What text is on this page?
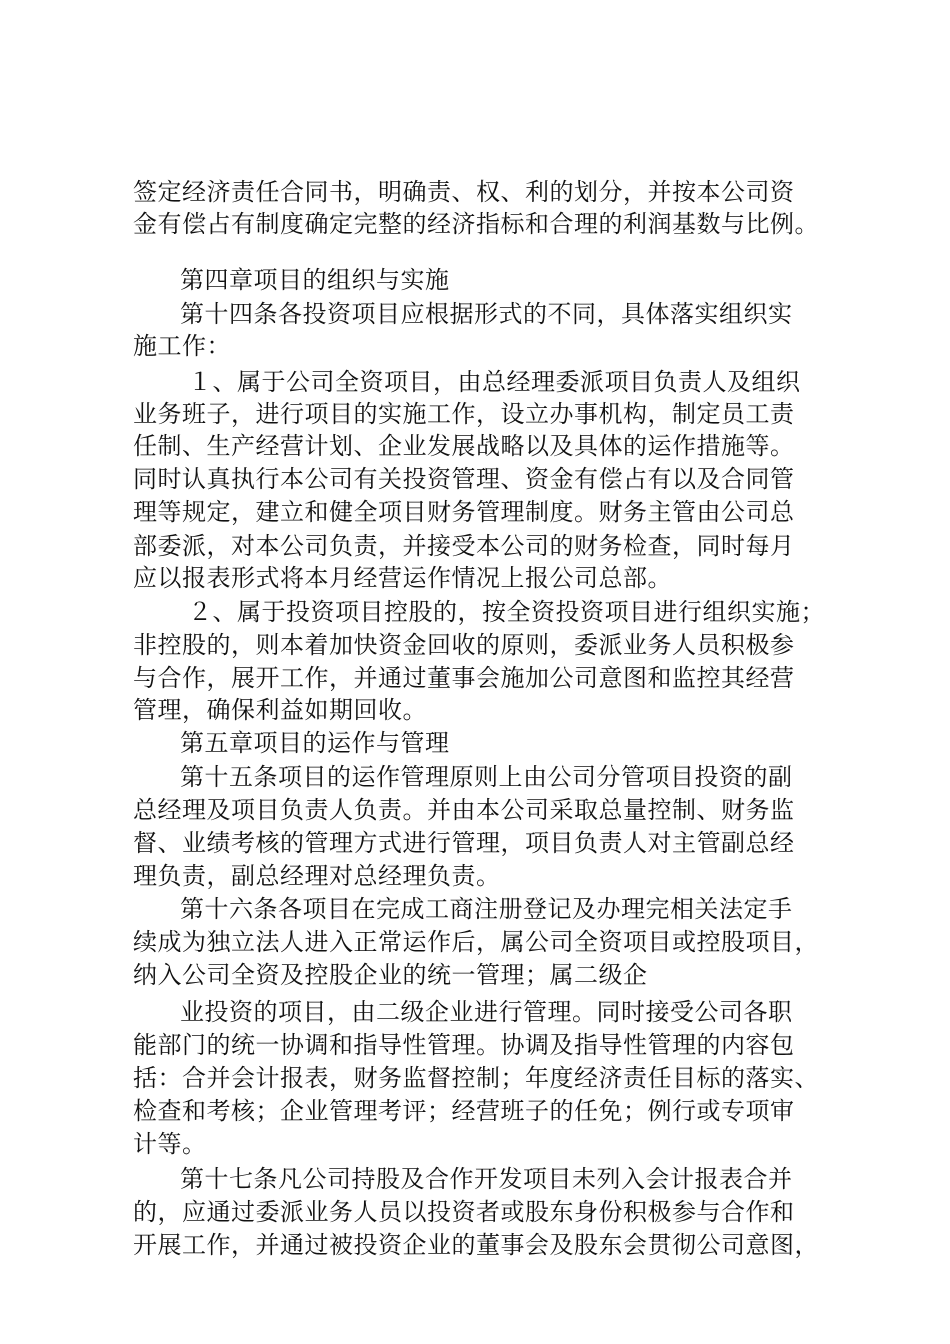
签定经济责任合同书，明确责、权、利的划分，并按本公司资
金有偿占有制度确定完整的经济指标和合理的利润基数与比例。
第四章项目的组织与实施
第十四条各投资项目应根据形式的不同，具体落实组织实
施工作：
１、属于公司全资项目，由总经理委派项目负责人及组织
业务班子，进行项目的实施工作，设立办事机构，制定员工责
任制、生产经营计划、企业发展战略以及具体的运作措施等。
同时认真执行本公司有关投资管理、资金有偿占有以及合同管
理等规定，建立和健全项目财务管理制度。财务主管由公司总
部委派，对本公司负责，并接受本公司的财务检查，同时每月
应以报表形式将本月经营运作情况上报公司总部。
２、属于投资项目控股的，按全资投资项目进行组织实施；
非控股的，则本着加快资金回收的原则，委派业务人员积极参
与合作，展开工作，并通过董事会施加公司意图和监控其经营
管理，确保利益如期回收。
第五章项目的运作与管理
第十五条项目的运作管理原则上由公司分管项目投资的副
总经理及项目负责人负责。并由本公司采取总量控制、财务监
督、业绩考核的管理方式进行管理，项目负责人对主管副总经
理负责，副总经理对总经理负责。
第十六条各项目在完成工商注册登记及办理完相关法定手
续成为独立法人进入正常运作后，属公司全资项目或控股项目，
纳入公司全资及控股企业的统一管理；属二级企
业投资的项目，由二级企业进行管理。同时接受公司各职
能部门的统一协调和指导性管理。协调及指导性管理的内容包
括：合并会计报表，财务监督控制；年度经济责任目标的落实、
检查和考核；企业管理考评；经营班子的任免；例行或专项审
计等。
第十七条凡公司持股及合作开发项目未列入会计报表合并
的，应通过委派业务人员以投资者或股东身份积极参与合作和
开展工作，并通过被投资企业的董事会及股东会贯彻公司意图，
